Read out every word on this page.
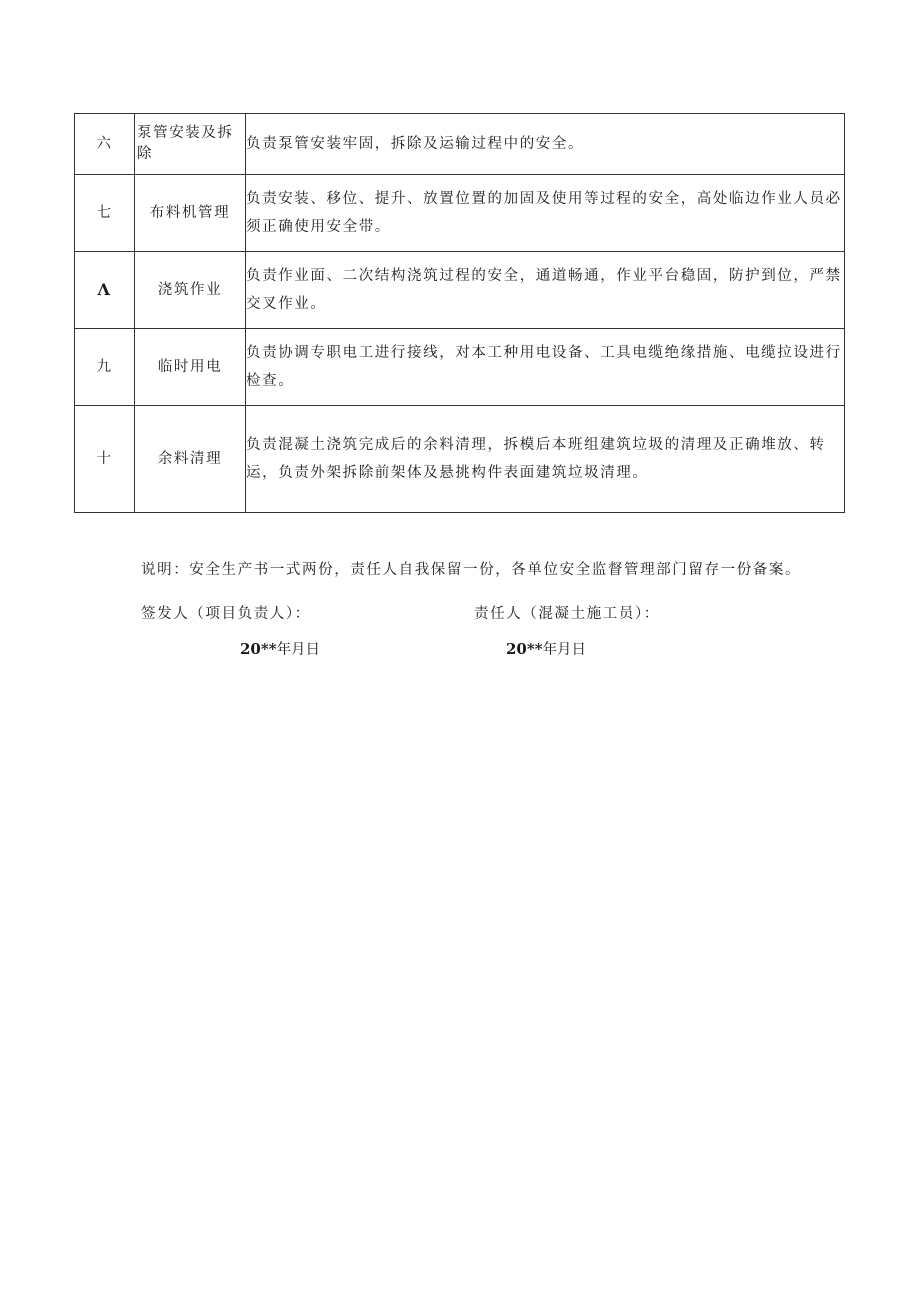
六	泵管安装及拆除	负责泵管安装牢固，拆除及运输过程中的安全。
七	布料机管理	负责安装、移位、提升、放置位置的加固及使用等过程的安全，高处临边作业人员必须正确使用安全带。
Λ	浇筑作业	负责作业面、二次结构浇筑过程的安全，通道畅通，作业平台稳固，防护到位，严禁交叉作业。
九	临时用电	负责协调专职电工进行接线，对本工种用电设备、工具电缆绝缘措施、电缆拉设进行检查。
十	余料清理	负责混凝土浇筑完成后的余料清理，拆模后本班组建筑垃圾的清理及正确堆放、转运，负责外架拆除前架体及悬挑构件表面建筑垃圾清理。
说明：安全生产书一式两份，责任人自我保留一份，各单位安全监督管理部门留存一份备案。
签发人（项目负责人）：	责任人（混凝土施工员）：
20**年月日	20**年月日
